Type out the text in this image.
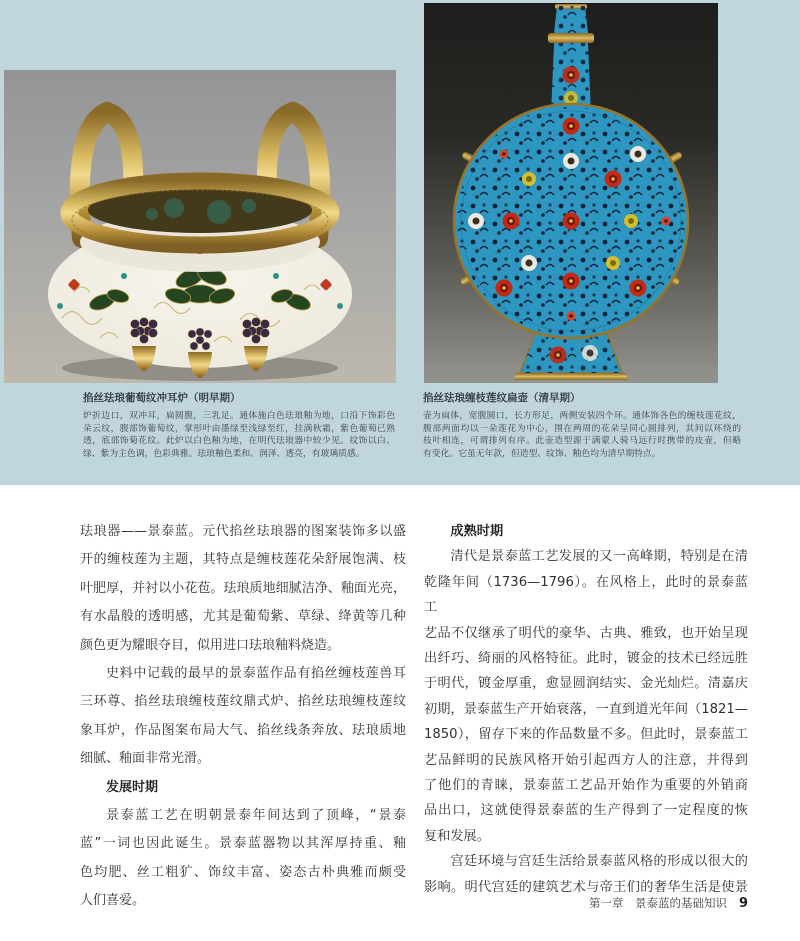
掐丝珐琅葡萄纹冲耳炉（明早期）
炉折边口，双冲耳，扁圆腹，三乳足。通体施白色珐琅釉为地，口沿下饰彩色
朵云纹，腹部饰葡萄纹，掌形叶由墨绿至浅绿至红，挂满秋霜，紫色葡萄已熟
透，底部饰菊花纹。此炉以白色釉为地，在明代珐琅器中较少见。纹饰以白、
绿、紫为主色调，色彩典雅。珐琅釉色柔和、润泽、透亮，有玻璃质感。
掐丝珐琅缠枝莲纹扁壶（清早期）
壶为扁体，宽腹圆口，长方形足，两侧安装四个环。通体饰各色的缠枝莲花纹，
腹部两面均以一朵莲花为中心，围在两周的花朵呈同心圆排列，其间以环绕的
枝叶相连，可谓排列有序。此壶造型源于满蒙人骑马远行时携带的皮壶，但略
有变化。它虽无年款，但造型、纹饰、釉色均为清早期特点。
珐琅器——景泰蓝。元代掐丝珐琅器的图案装饰多以盛
开的缠枝莲为主题，其特点是缠枝莲花朵舒展饱满、枝
叶肥厚，并衬以小花苞。珐琅质地细腻洁净、釉面光亮，
有水晶般的透明感，尤其是葡萄紫、草绿、绛黄等几种
颜色更为耀眼夺目，似用进口珐琅釉料烧造。
史料中记载的最早的景泰蓝作品有掐丝缠枝莲兽耳
三环尊、掐丝珐琅缠枝莲纹鼎式炉、掐丝珐琅缠枝莲纹
象耳炉，作品图案布局大气、掐丝线条奔放、珐琅质地
细腻、釉面非常光滑。
发展时期
景泰蓝工艺在明朝景泰年间达到了顶峰，“景泰
蓝”一词也因此诞生。景泰蓝器物以其浑厚持重、釉
色均肥、丝工粗犷、饰纹丰富、姿态古朴典雅而颇受
人们喜爱。
成熟时期
清代是景泰蓝工艺发展的又一高峰期，特别是在清
乾隆年间（1736—1796）。在风格上，此时的景泰蓝工
艺品不仅继承了明代的豪华、古典、雅致，也开始呈现
出纤巧、绮丽的风格特征。此时，镀金的技术已经远胜
于明代，镀金厚重，愈显圆润结实、金光灿烂。清嘉庆
初期，景泰蓝生产开始衰落，一直到道光年间（1821—
1850），留存下来的作品数量不多。但此时，景泰蓝工
艺品鲜明的民族风格开始引起西方人的注意，并得到
了他们的青睐，景泰蓝工艺品开始作为重要的外销商
品出口，这就使得景泰蓝的生产得到了一定程度的恢
复和发展。
宫廷环境与宫廷生活给景泰蓝风格的形成以很大的
影响。明代宫廷的建筑艺术与帝王们的奢华生活是使景
第一章　景泰蓝的基础知识 9
